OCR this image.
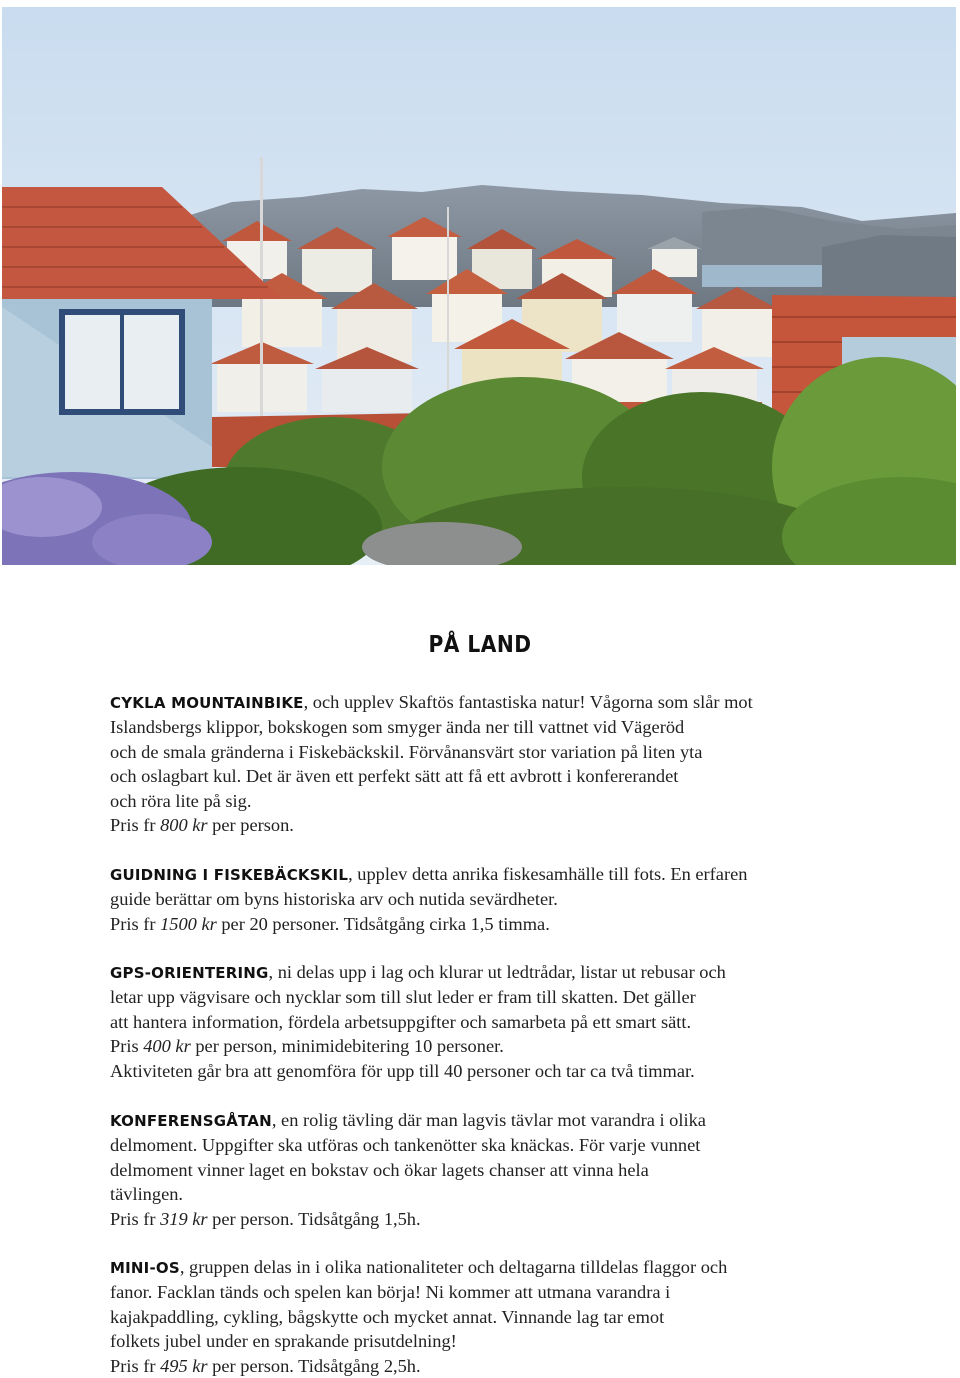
PÅ LAND
CYKLA MOUNTAINBIKE, och upplev Skaftös fantastiska natur! Vågorna som slår mot
Islandsbergs klippor, bokskogen som smyger ända ner till vattnet vid Vägeröd
och de smala gränderna i Fiskebäckskil. Förvånansvärt stor variation på liten yta
och oslagbart kul. Det är även ett perfekt sätt att få ett avbrott i konfererandet
och röra lite på sig.
Pris fr 800 kr per person.
GUIDNING I FISKEBÄCKSKIL, upplev detta anrika fiskesamhälle till fots. En erfaren
guide berättar om byns historiska arv och nutida sevärdheter.
Pris fr 1500 kr per 20 personer. Tidsåtgång cirka 1,5 timma.
GPS-ORIENTERING, ni delas upp i lag och klurar ut ledtrådar, listar ut rebusar och
letar upp vägvisare och nycklar som till slut leder er fram till skatten. Det gäller
att hantera information, fördela arbetsuppgifter och samarbeta på ett smart sätt.
Pris 400 kr per person, minimidebitering 10 personer.
Aktiviteten går bra att genomföra för upp till 40 personer och tar ca två timmar.
KONFERENSGÅTAN, en rolig tävling där man lagvis tävlar mot varandra i olika
delmoment. Uppgifter ska utföras och tankenötter ska knäckas. För varje vunnet
delmoment vinner laget en bokstav och ökar lagets chanser att vinna hela
tävlingen.
Pris fr 319 kr per person. Tidsåtgång 1,5h.
MINI-OS, gruppen delas in i olika nationaliteter och deltagarna tilldelas flaggor och
fanor. Facklan tänds och spelen kan börja! Ni kommer att utmana varandra i
kajakpaddling, cykling, bågskytte och mycket annat. Vinnande lag tar emot
folkets jubel under en sprakande prisutdelning!
Pris fr 495 kr per person. Tidsåtgång 2,5h.
